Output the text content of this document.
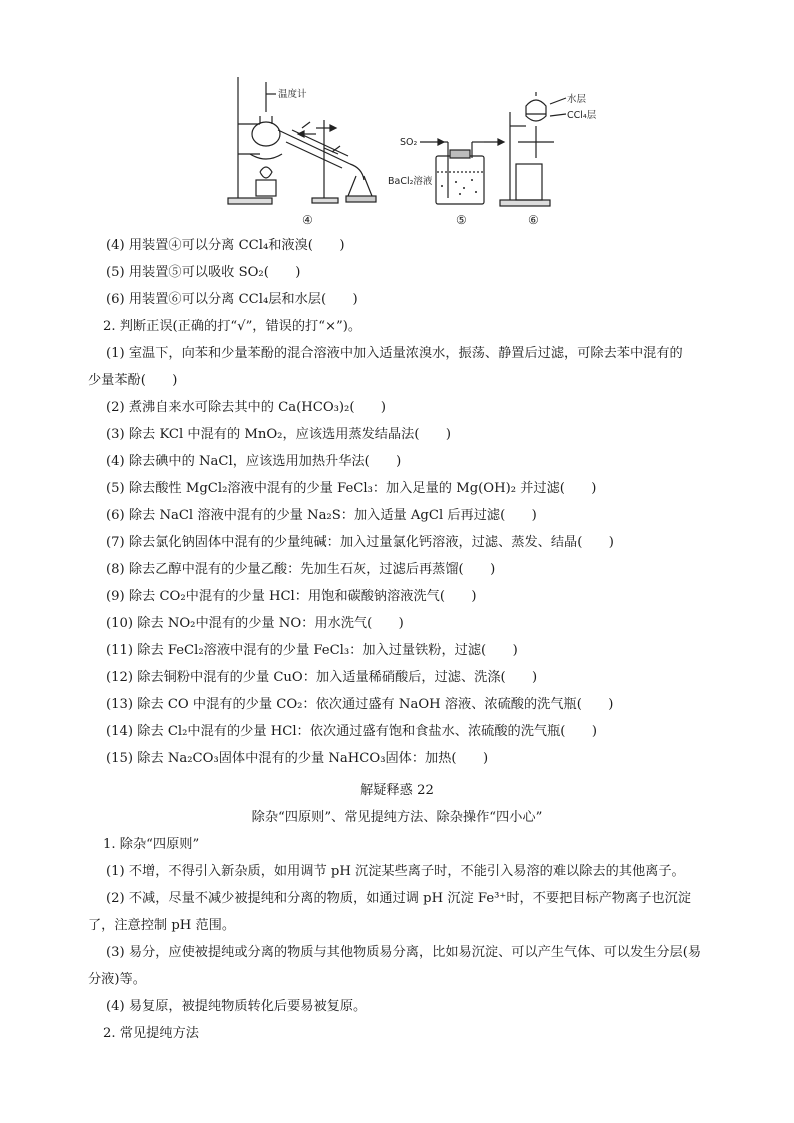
温度计
SO₂
BaCl₂溶液
水层
CCl₄层
④	⑤	⑥
(4) 用装置④可以分离 CCl₄和液溴(　　)
(5) 用装置⑤可以吸收 SO₂(　　)
(6) 用装置⑥可以分离 CCl₄层和水层(　　)
2. 判断正误(正确的打“√”，错误的打“×”)。
(1) 室温下，向苯和少量苯酚的混合溶液中加入适量浓溴水，振荡、静置后过滤，可除去苯中混有的
少量苯酚(　　)
(2) 煮沸自来水可除去其中的 Ca(HCO₃)₂(　　)
(3) 除去 KCl 中混有的 MnO₂，应该选用蒸发结晶法(　　)
(4) 除去碘中的 NaCl，应该选用加热升华法(　　)
(5) 除去酸性 MgCl₂溶液中混有的少量 FeCl₃：加入足量的 Mg(OH)₂ 并过滤(　　)
(6) 除去 NaCl 溶液中混有的少量 Na₂S：加入适量 AgCl 后再过滤(　　)
(7) 除去氯化钠固体中混有的少量纯碱：加入过量氯化钙溶液，过滤、蒸发、结晶(　　)
(8) 除去乙醇中混有的少量乙酸：先加生石灰，过滤后再蒸馏(　　)
(9) 除去 CO₂中混有的少量 HCl：用饱和碳酸钠溶液洗气(　　)
(10) 除去 NO₂中混有的少量 NO：用水洗气(　　)
(11) 除去 FeCl₂溶液中混有的少量 FeCl₃：加入过量铁粉，过滤(　　)
(12) 除去铜粉中混有的少量 CuO：加入适量稀硝酸后，过滤、洗涤(　　)
(13) 除去 CO 中混有的少量 CO₂：依次通过盛有 NaOH 溶液、浓硫酸的洗气瓶(　　)
(14) 除去 Cl₂中混有的少量 HCl：依次通过盛有饱和食盐水、浓硫酸的洗气瓶(　　)
(15) 除去 Na₂CO₃固体中混有的少量 NaHCO₃固体：加热(　　)
解疑释惑 22
除杂“四原则”、常见提纯方法、除杂操作“四小心”
1. 除杂“四原则”
(1) 不增，不得引入新杂质，如用调节 pH 沉淀某些离子时，不能引入易溶的难以除去的其他离子。
(2) 不减，尽量不减少被提纯和分离的物质，如通过调 pH 沉淀 Fe³⁺时，不要把目标产物离子也沉淀
了，注意控制 pH 范围。
(3) 易分，应使被提纯或分离的物质与其他物质易分离，比如易沉淀、可以产生气体、可以发生分层(易
分液)等。
(4) 易复原，被提纯物质转化后要易被复原。
2. 常见提纯方法
